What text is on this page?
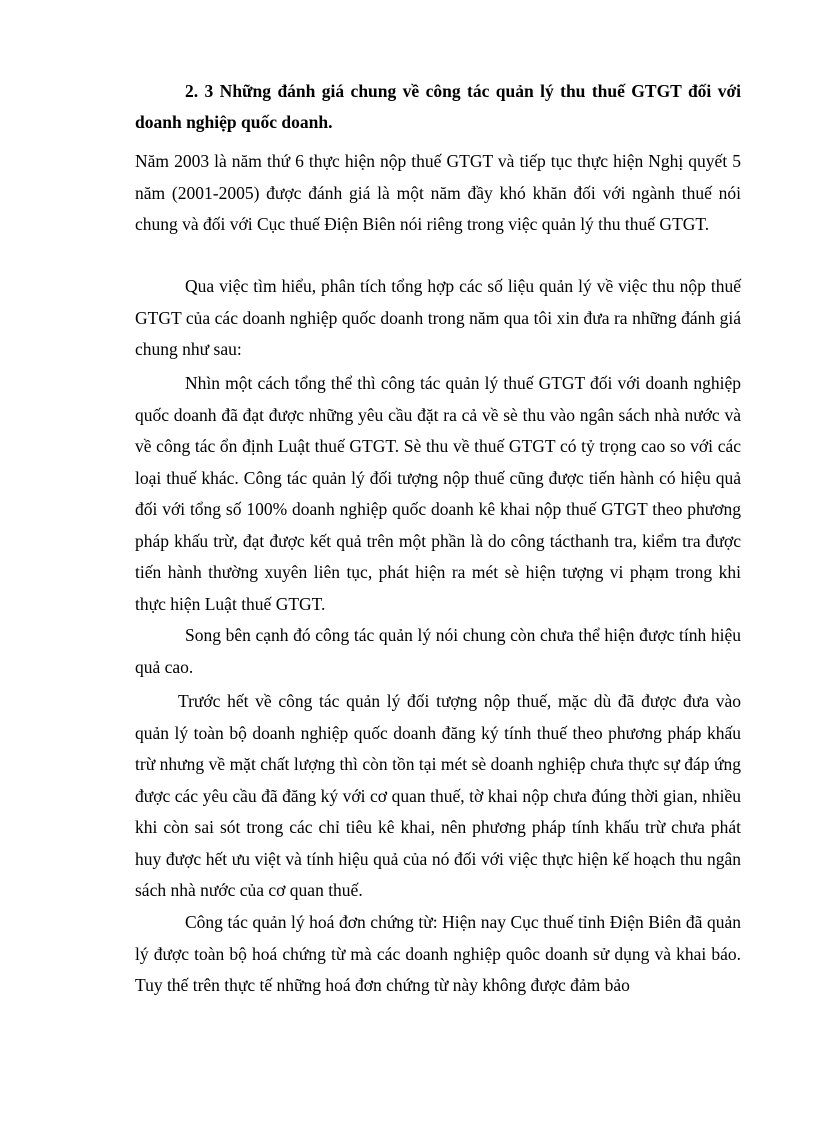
2. 3 Những đánh giá chung về công tác quản lý thu thuế GTGT đối với doanh nghiệp quốc doanh.

Năm 2003 là năm thứ 6 thực hiện nộp thuế GTGT và tiếp tục thực hiện Nghị quyết 5 năm (2001-2005) được đánh giá là một năm đầy khó khăn đối với ngành thuế nói chung và đối với Cục thuế Điện Biên nói riêng trong việc quản lý thu thuế GTGT.

Qua việc tìm hiểu, phân tích tổng hợp các số liệu quản lý về việc thu nộp thuế GTGT của các doanh nghiệp quốc doanh trong năm qua tôi xin đưa ra những đánh giá chung như sau:

Nhìn một cách tổng thể thì công tác quản lý thuế GTGT đối với doanh nghiệp quốc doanh đã đạt được những yêu cầu đặt ra cả về sè thu vào ngân sách nhà nước và về công tác ổn định Luật thuế GTGT. Sè thu về thuế GTGT có tỷ trọng cao so với các loại thuế khác. Công tác quản lý đối tượng nộp thuế cũng được tiến hành có hiệu quả đối với tổng số 100% doanh nghiệp quốc doanh kê khai nộp thuế GTGT theo phương pháp khấu trừ, đạt được kết quả trên một phần là do công tácthanh tra, kiểm tra được tiến hành thường xuyên liên tục, phát hiện ra mét sè hiện tượng vi phạm trong khi thực hiện Luật thuế GTGT.

Song bên cạnh đó công tác quản lý nói chung còn chưa thể hiện được tính hiệu quả cao.

Trước hết về công tác quản lý đối tượng nộp thuế, mặc dù đã được đưa vào quản lý toàn bộ doanh nghiệp quốc doanh đăng ký tính thuế theo phương pháp khấu trừ nhưng về mặt chất lượng thì còn tồn tại mét sè doanh nghiệp chưa thực sự đáp ứng được các yêu cầu đã đăng ký với cơ quan thuế, tờ khai nộp chưa đúng thời gian, nhiều khi còn sai sót trong các chỉ tiêu kê khai, nên phương pháp tính khấu trừ chưa phát huy được hết ưu việt và tính hiệu quả của nó đối với việc thực hiện kế hoạch thu ngân sách nhà nước của cơ quan thuế.

Công tác quản lý hoá đơn chứng từ: Hiện nay Cục thuế tỉnh Điện Biên đã quản lý được toàn bộ hoá chứng từ mà các doanh nghiệp quôc doanh sử dụng và khai báo. Tuy thế trên thực tế những hoá đơn chứng từ này không được đảm bảo
